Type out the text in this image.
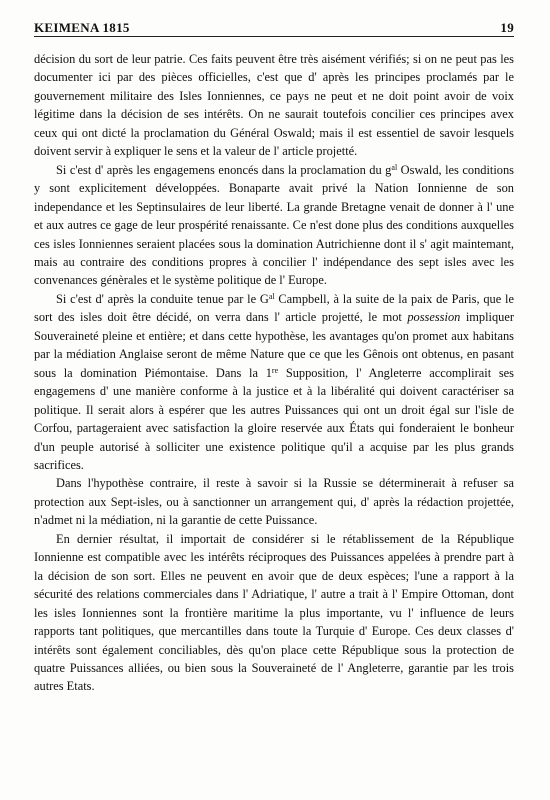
KEIMENA 1815	19

décision du sort de leur patrie. Ces faits peuvent être très aisément vérifiés; si on ne peut pas les documenter ici par des pièces officielles, c'est que d' après les principes proclamés par le gouvernement militaire des Isles Ionniennes, ce pays ne peut et ne doit point avoir de voix légitime dans la décision de ses intérêts. On ne saurait toutefois concilier ces principes avex ceux qui ont dicté la proclamation du Général Oswald; mais il est essentiel de savoir lesquels doivent servir à expliquer le sens et la valeur de l' article projetté.

Si c'est d' après les engagemens enoncés dans la proclamation du $g^{al}$ Oswald, les conditions y sont explicitement développées. Bonaparte avait privé la Nation Ionnienne de son independance et les Septinsulaires de leur liberté. La grande Bretagne venait de donner à l' une et aux autres ce gage de leur prospérité renaissante. Ce n'est done plus des conditions auxquelles ces isles Ionniennes seraient placées sous la domination Autrichienne dont il s' agit maintemant, mais au contraire des conditions propres à concilier l' indépendance des sept isles avec les convenances génèrales et le système politique de l' Europe.

Si c'est d' après la conduite tenue par le $G^{al}$ Campbell, à la suite de la paix de Paris, que le sort des isles doit être décidé, on verra dans l' article projetté, le mot possession impliquer Souveraineté pleine et entière; et dans cette hypothèse, les avantages qu'on promet aux habitans par la médiation Anglaise seront de même Nature que ce que les Gênois ont obtenus, en pasant sous la domination Piémontaise. Dans la 1re Supposition, l' Angleterre accomplirait ses engagemens d' une manière conforme à la justice et à la libéralité qui doivent caractériser sa politique. Il serait alors à espérer que les autres Puissances qui ont un droit égal sur l'isle de Corfou, partageraient avec satisfaction la gloire reservée aux États qui fonderaient le bonheur d'un peuple autorisé à solliciter une existence politique qu'il a acquise par les plus grands sacrifices.

Dans l'hypothèse contraire, il reste à savoir si la Russie se déterminerait à refuser sa protection aux Sept-isles, ou à sanctionner un arrangement qui, d' après la rédaction projettée, n'admet ni la médiation, ni la garantie de cette Puissance.

En dernier résultat, il importait de considérer si le rétablissement de la République Ionnienne est compatible avec les intérêts réciproques des Puissances appelées à prendre part à la décision de son sort. Elles ne peuvent en avoir que de deux espèces; l'une a rapport à la sécurité des relations commerciales dans l' Adriatique, l' autre a trait à l' Empire Ottoman, dont les isles Ionniennes sont la frontière maritime la plus importante, vu l' influence de leurs rapports tant politiques, que mercantilles dans toute la Turquie d' Europe. Ces deux classes d' intérêts sont également conciliables, dès qu'on place cette République sous la protection de quatre Puissances alliées, ou bien sous la Souveraineté de l' Angleterre, garantie par les trois autres Etats.
